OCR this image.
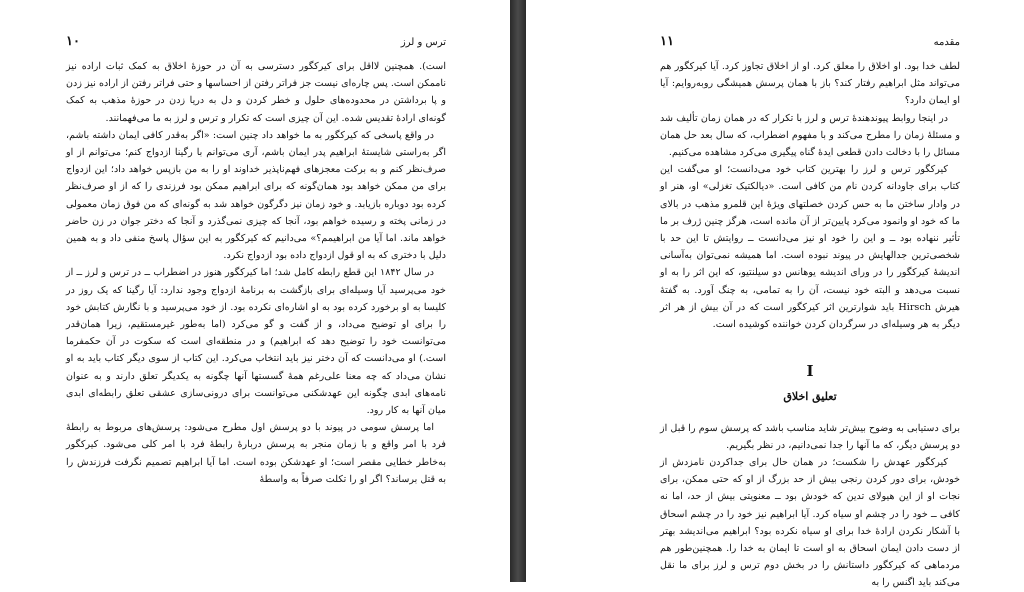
ترس و لرز
۱۰

است). همچنین لااقل برای کیرکگور دسترسی به آن در حوزهٔ اخلاق به کمک ثبات اراده نیز ناممکن است. پس چاره‌ای نیست جز فراتر رفتن از احساسها و حتی فراتر رفتن از اراده نیز زدن و پا برداشتن در محدوده‌های حلول و خطر کردن و دل به دریا زدن در حوزهٔ مذهب به کمک گونه‌ای ارادهٔ تقدیس شده. این آن چیزی است که تکرار و ترس و لرز به ما می‌فهمانند.

در واقع پاسخی که کیرکگور به ما خواهد داد چنین است: «اگر به‌قدر کافی ایمان داشته باشم، اگر به‌راستی شایستهٔ ابراهیم پدر ایمان باشم، آری می‌توانم با رگینا ازدواج کنم؛ می‌توانم از او صرف‌نظر کنم و به برکت معجزهای فهم‌ناپذیر خداوند او را به من بازپس خواهد داد؛ این ازدواج برای من ممکن خواهد بود همان‌گونه که برای ابراهیم ممکن بود فرزندی را که از او صرف‌نظر کرده بود دوباره بازیابد. و خود زمان نیز دگرگون خواهد شد به گونه‌ای که من فوق زمان معمولی در زمانی پخته و رسیده خواهم بود، آنجا که چیزی نمی‌گذرد و آنجا که دختر جوان در زن حاضر خواهد ماند. اما آیا من ابراهیمم؟» می‌دانیم که کیرکگور به این سؤال پاسخ منفی داد و به همین دلیل با دختری که به او قول ازدواج داده بود ازدواج نکرد.

در سال ۱۸۴۲ این قطع رابطه کامل شد؛ اما کیرکگور هنوز در اضطراب ــ در ترس و لرز ــ از خود می‌پرسید آیا وسیله‌ای برای بازگشت به برنامهٔ ازدواج وجود ندارد: آیا رگینا که یک روز در کلیسا به او برخورد کرده بود به او اشاره‌ای نکرده بود. از خود می‌پرسید و با نگارش کتابش خود را برای او توضیح می‌داد، و از گفت و گو می‌کرد (اما به‌طور غیرمستقیم، زیرا همان‌قدر می‌توانست خود را توضیح دهد که ابراهیم) و در منطقه‌ای است که سکوت در آن حکمفرما است.) او می‌دانست که آن دختر نیز باید انتخاب می‌کرد. این کتاب از سوی دیگر کتاب باید به او نشان می‌داد که چه معنا علی‌رغم همهٔ گسستها آنها چگونه به یکدیگر تعلق دارند و به عنوان نامه‌های ابدی چگونه این عهدشکنی می‌توانست برای درونی‌سازی عشقی تعلق رابطه‌ای ابدی میان آنها به کار رود.

اما پرسش سومی در پیوند با دو پرسش اول مطرح می‌شود: پرسش‌های مربوط به رابطهٔ فرد با امر واقع و با زمان منجر به پرسش دربارهٔ رابطهٔ فرد با امر کلی می‌شود. کیرکگور به‌خاطر خطایی مقصر است؛ او عهدشکن بوده است. اما آیا ابراهیم تصمیم نگرفت فرزندش را به قتل برساند؟ اگر او را تکلت صرفاً به واسطهٔ

مقدمه
۱۱

لطف خدا بود. او اخلاق را معلق کرد. او از اخلاق تجاوز کرد. آیا کیرکگور هم می‌تواند مثل ابراهیم رفتار کند؟ باز با همان پرسش همیشگی روبه‌روایم: آیا او ایمان دارد؟

در اینجا روابط پیوندهندهٔ ترس و لرز با تکرار که در همان زمان تألیف شد و مسئلهٔ زمان را مطرح می‌کند و با مفهوم اضطراب، که سال بعد حل همان مسائل را با دخالت دادن قطعی ایدهٔ گناه پیگیری می‌کرد مشاهده می‌کنیم.

کیرکگور ترس و لرز را بهترین کتاب خود می‌دانست؛ او می‌گفت این کتاب برای جاودانه کردن نام من کافی است. «دیالکتیک تغزلی» او، هنر او در وادار ساختن ما به حس کردن خصلتهای ویژهٔ این قلمرو مذهب در بالای ما که خود او وانمود می‌کرد پایین‌تر از آن مانده است، هرگز چنین ژرف بر ما تأثیر ننهاده بود ــ و این را خود او نیز می‌دانست ــ روایتش تا این حد با شخصی‌ترین جدالهایش در پیوند نبوده است. اما همیشه نمی‌توان به‌آسانی اندیشهٔ کیرکگور را در ورای اندیشه یوهانس دو سیلنتیو، که این اثر را به او نسبت می‌دهد و البته خود نیست، آن را به تمامی، به چنگ آورد. به گفتهٔ هیرش Hirsch باید شوارترین اثر کیرکگور است که در آن بیش از هر اثر دیگر به هر وسیله‌ای در سرگردان کردن خواننده کوشیده است.

I
تعلیق اخلاق

برای دستیابی به وضوح بیش‌تر شاید مناسب باشد که پرسش سوم را قبل از دو پرسش دیگر، که ما آنها را جدا نمی‌دانیم، در نظر بگیریم.

کیرکگور عهدش را شکست؛ در همان حال برای جداکردن نامزدش از خودش، برای دور کردن رنجی بیش از حد بزرگ از او که حتی ممکن، برای نجات او از این هیولای تدین که خودش بود ــ معنویتی بیش از حد، اما نه کافی ــ خود را در چشم او سیاه کرد. آیا ابراهیم نیز خود را در چشم اسحاق با آشکار نکردن ارادهٔ خدا برای او سیاه نکرده بود؟ ابراهیم می‌اندیشد بهتر از دست دادن ایمان اسحاق به او است تا ایمان به خدا را. همچنین‌طور هم مرد‌ماهی که کیرکگور داستانش را در بخش دوم ترس و لرز برای ما نقل می‌کند باید اگنس را به
